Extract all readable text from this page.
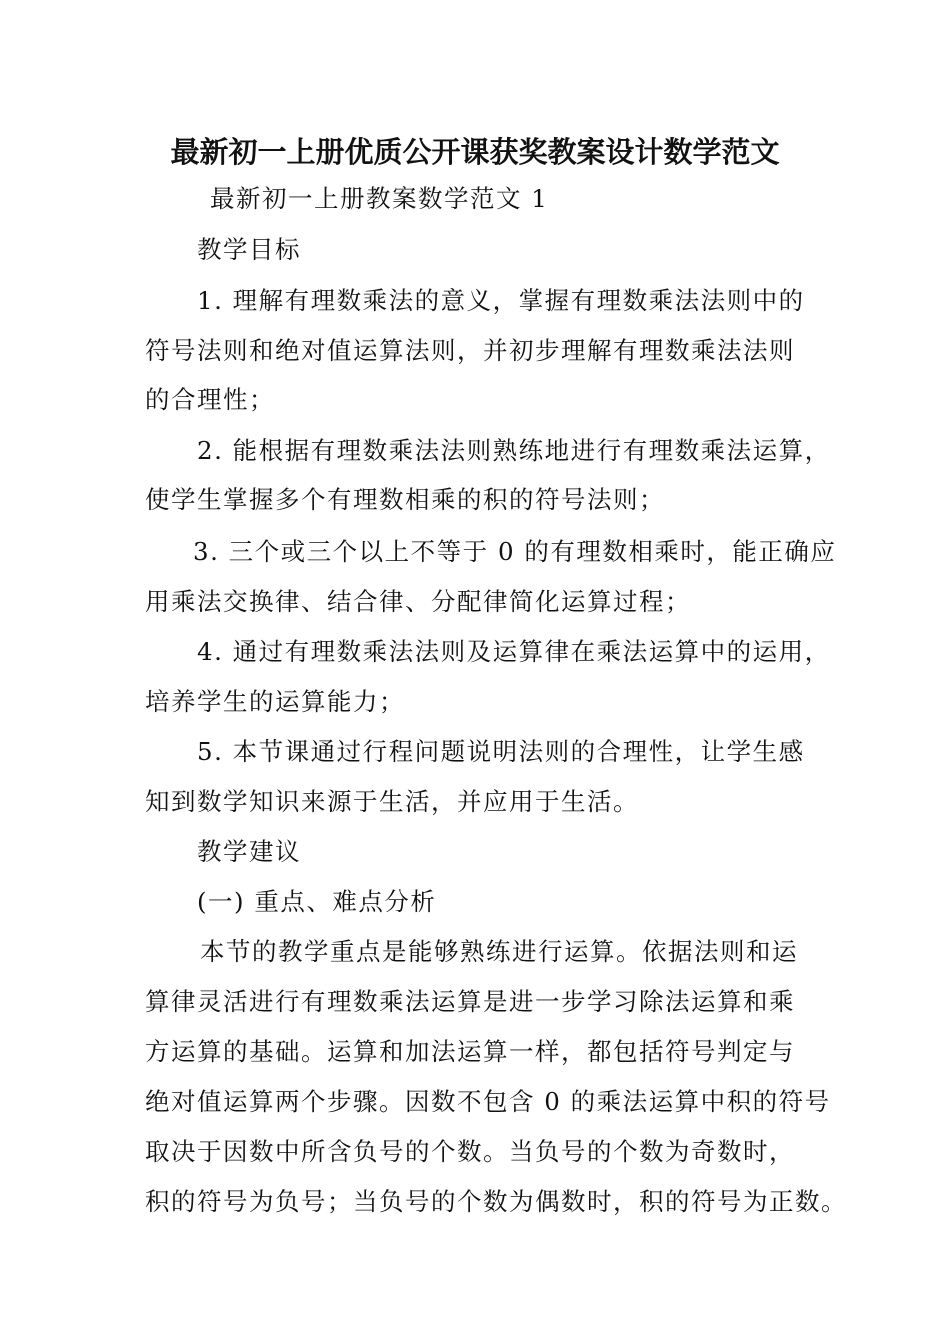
最新初一上册优质公开课获奖教案设计数学范文
最新初一上册教案数学范文 1
教学目标
1. 理解有理数乘法的意义，掌握有理数乘法法则中的
符号法则和绝对值运算法则，并初步理解有理数乘法法则
的合理性；
2. 能根据有理数乘法法则熟练地进行有理数乘法运算，
使学生掌握多个有理数相乘的积的符号法则；
3. 三个或三个以上不等于 0 的有理数相乘时，能正确应
用乘法交换律、结合律、分配律简化运算过程；
4. 通过有理数乘法法则及运算律在乘法运算中的运用，
培养学生的运算能力；
5. 本节课通过行程问题说明法则的合理性，让学生感
知到数学知识来源于生活，并应用于生活。
教学建议
(一) 重点、难点分析
本节的教学重点是能够熟练进行运算。依据法则和运
算律灵活进行有理数乘法运算是进一步学习除法运算和乘
方运算的基础。运算和加法运算一样，都包括符号判定与
绝对值运算两个步骤。因数不包含 0 的乘法运算中积的符号
取决于因数中所含负号的个数。当负号的个数为奇数时，
积的符号为负号；当负号的个数为偶数时，积的符号为正数。
